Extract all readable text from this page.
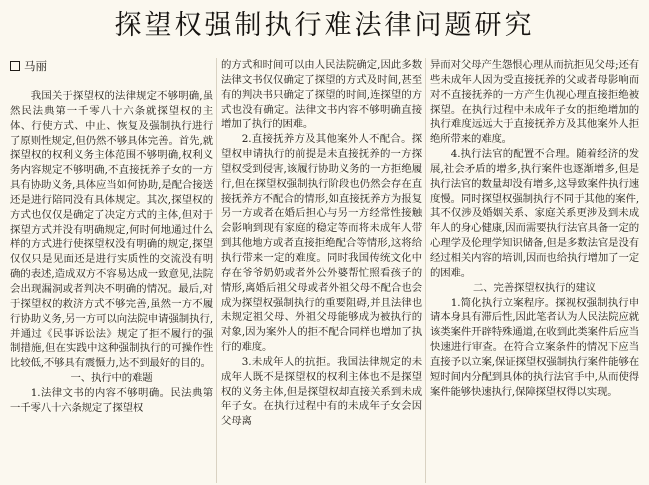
探望权强制执行难法律问题研究
马丽

我国关于探望权的法律规定不够明确,虽然民法典第一千零八十六条就探望权的主体、行使方式、中止、恢复及强制执行进行了原则性规定,但仍然不够具体完善。首先,就探望权的权利义务主体范围不够明确,权利义务内容规定不够明确,不直接抚养子女的一方具有协助义务,具体应当如何协助,是配合接送还是进行陪同没有具体规定。其次,探望权的方式也仅仅是确定了决定方式的主体,但对于探望方式并没有明确规定,何时何地通过什么样的方式进行使探望权没有明确的规定,探望仅仅只是见面还是进行实质性的交流没有明确的表述,造成双方不容易达成一致意见,法院会出现漏洞或者判决不明确的情况。最后,对于探望权的救济方式不够完善,虽然一方不履行协助义务,另一方可以向法院申请强制执行,并通过《民事诉讼法》规定了拒不履行的强制措施,但在实践中这种强制执行的可操作性比较低,不够具有震慑力,达不到最好的目的。

一、执行中的难题

1.法律文书的内容不够明确。民法典第一千零八十六条规定了探望权

的方式和时间可以由人民法院确定,因此多数法律文书仅仅确定了探望的方式及时间,甚至有的判决书只确定了探望的时间,连探望的方式也没有确定。法律文书内容不够明确直接增加了执行的困难。

2.直接抚养方及其他案外人不配合。探望权申请执行的前提是未直接抚养的一方探望权受到侵害,该履行协助义务的一方拒绝履行,但在探望权强制执行阶段也仍然会存在直接抚养方不配合的情形,如直接抚养方为报复另一方或者在婚后担心与另一方经常性接触会影响到现有家庭的稳定等而将未成年人带到其他地方或者直接拒绝配合等情形,这将给执行带来一定的难度。同时我国传统文化中存在爷爷奶奶或者外公外婆帮忙照看孩子的情形,离婚后祖父母或者外祖父母不配合也会成为探望权强制执行的重要阻碍,并且法律也未规定祖父母、外祖父母能够成为被执行的对象,因为案外人的拒不配合同样也增加了执行的难度。

3.未成年人的抗拒。我国法律规定的未成年人既不是探望权的权利主体也不是探望权的义务主体,但是探望权却直接关系到未成年子女。在执行过程中有的未成年子女会因父母离

异而对父母产生怨恨心理从而抗拒见父母;还有些未成年人因为受直接抚养的父或者母影响而对不直接抚养的一方产生仇视心理直接拒绝被探望。在执行过程中未成年子女的拒绝增加的执行难度远远大于直接抚养方及其他案外人拒绝所带来的难度。

4.执行法官的配置不合理。随着经济的发展,社会矛盾的增多,执行案件也逐渐增多,但是执行法官的数量却没有增多,这导致案件执行速度慢。同时探望权强制执行不同于其他的案件,其不仅涉及婚姻关系、家庭关系更涉及到未成年人的身心健康,因而需要执行法官具备一定的心理学及伦理学知识储备,但是多数法官是没有经过相关内容的培训,因而也给执行增加了一定的困难。

二、完善探望权执行的建议

1.简化执行立案程序。探视权强制执行申请本身具有滞后性,因此笔者认为人民法院应就该类案件开辟特殊通道,在收到此类案件后应当快速进行审查。在符合立案条件的情况下应当直接予以立案,保证探望权强制执行案件能够在短时间内分配到具体的执行法官手中,从而使得案件能够快速执行,保障探望权得以实现。
